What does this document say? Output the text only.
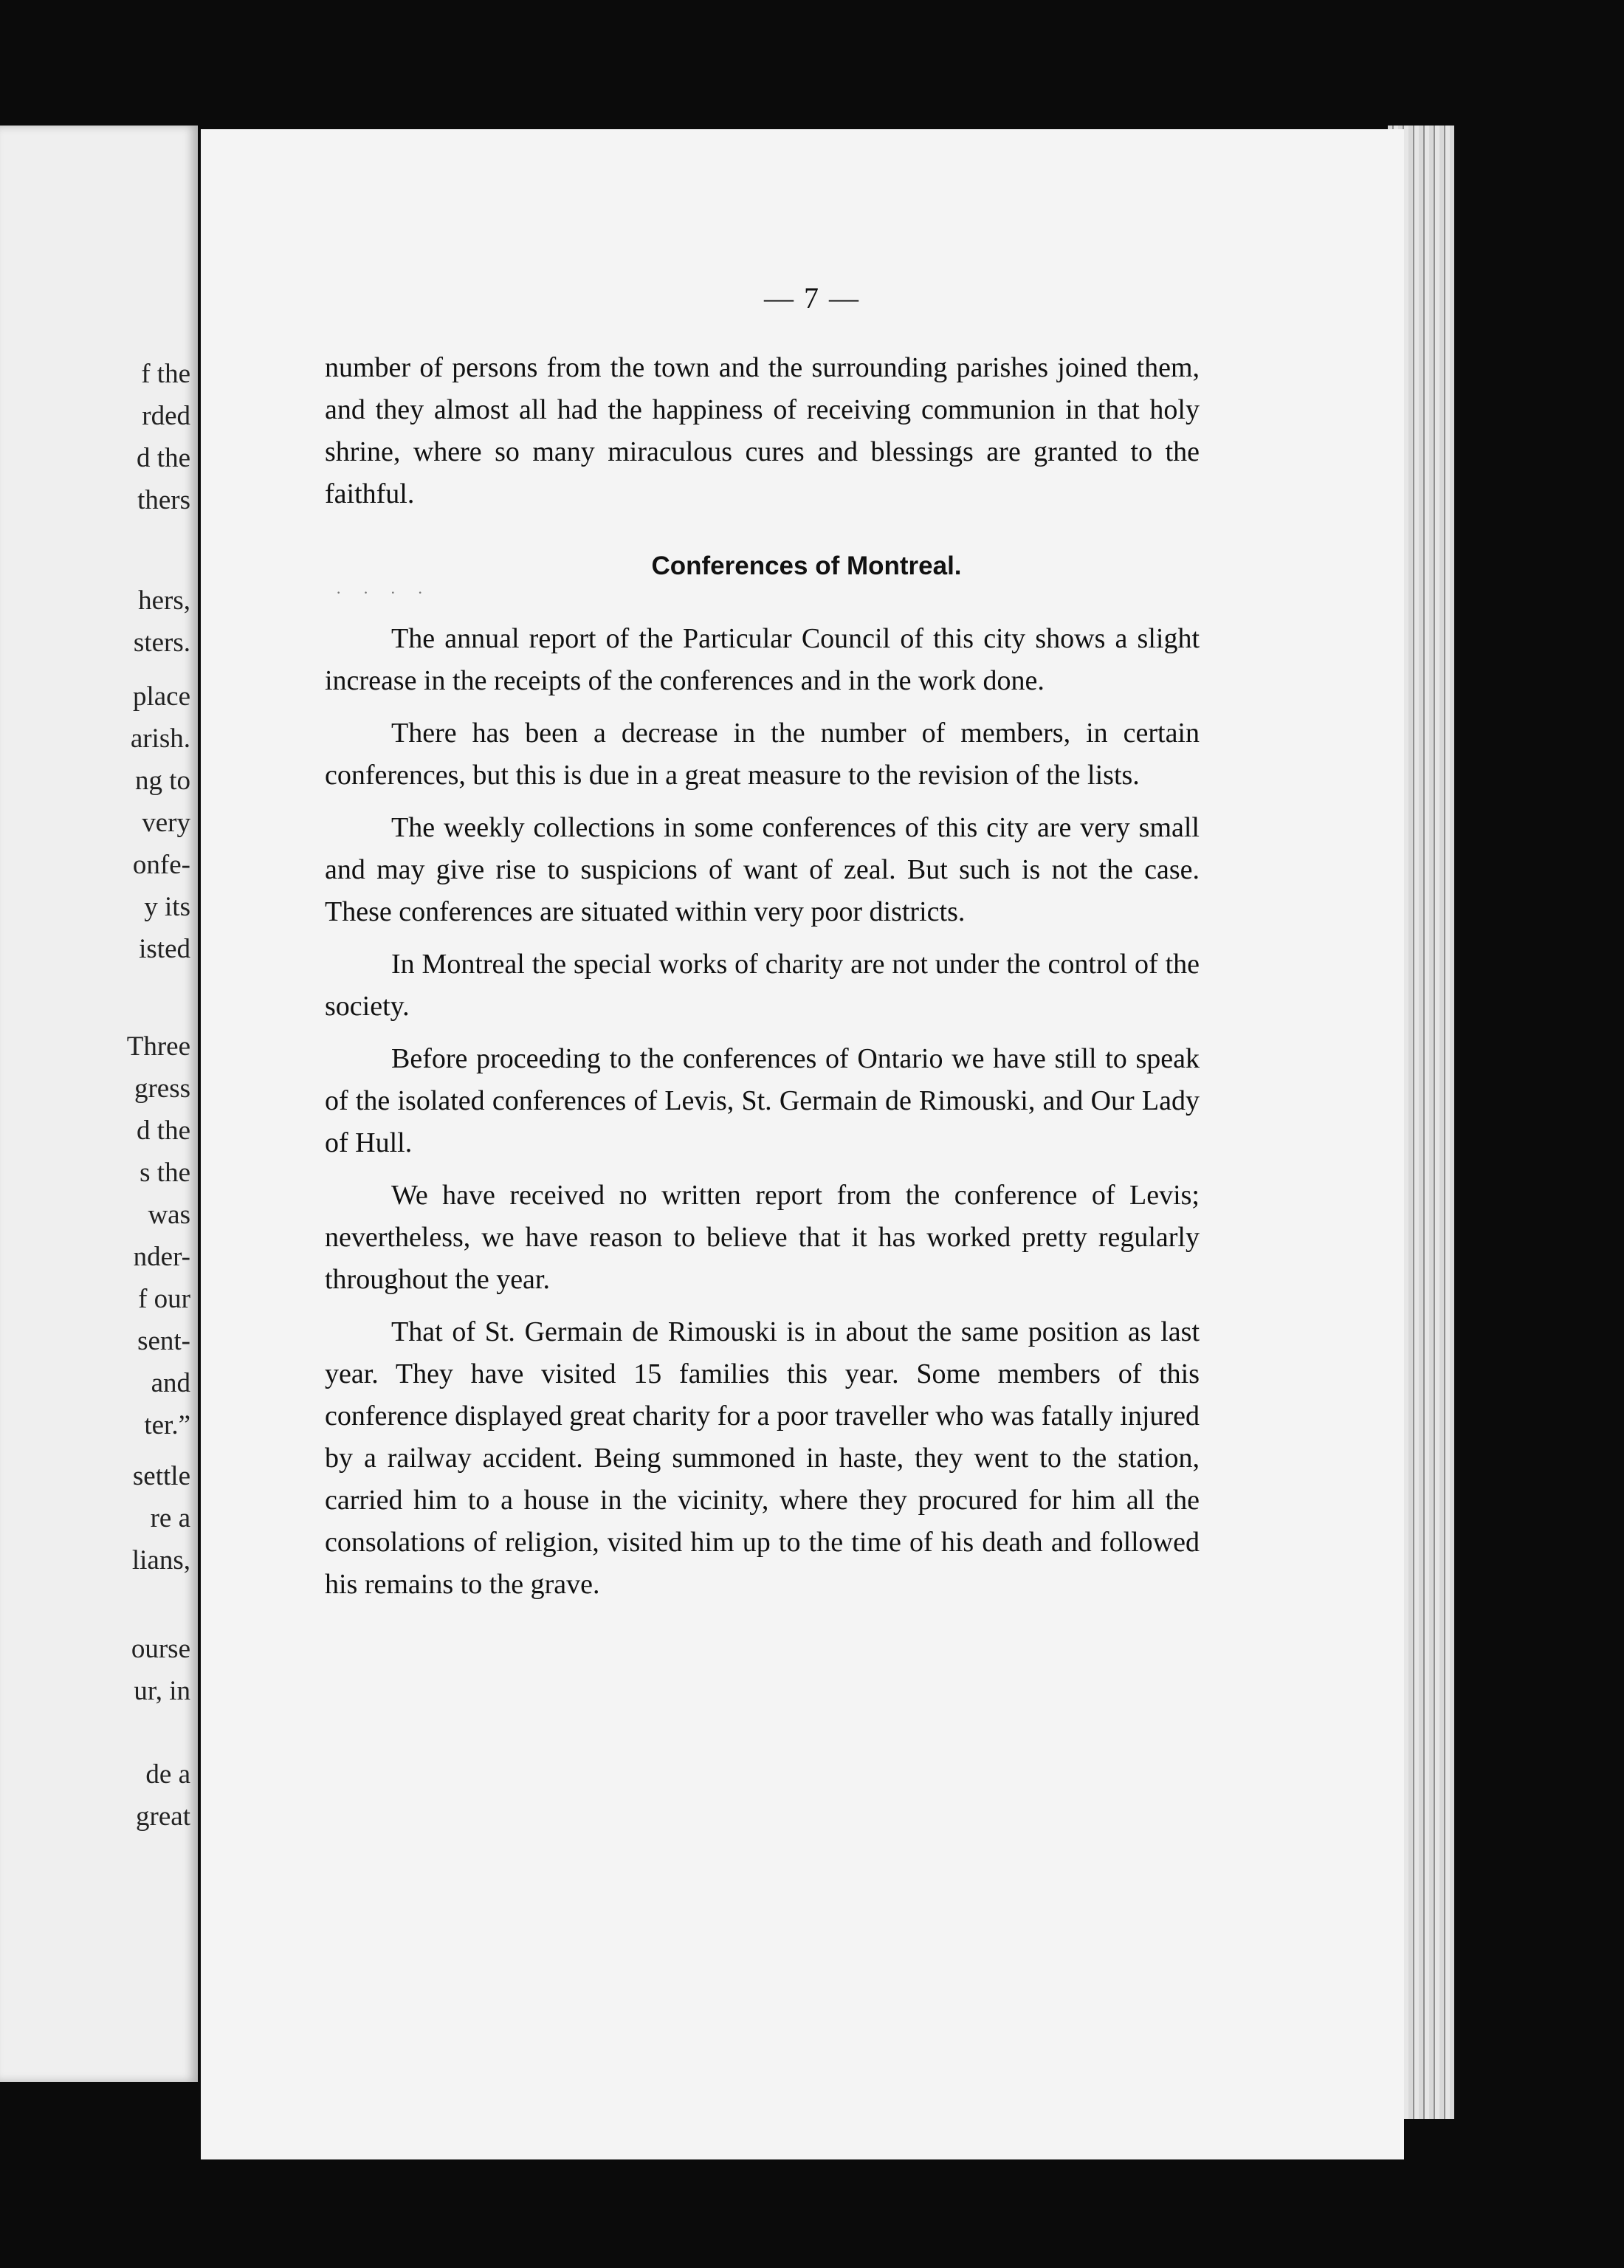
f the
rded
d the
thers
hers,
sters.
place
arish.
ng to
very
onfe-
y its
isted
Three
gress
d the
s the
was
nder-
f our
sent-
and
ter.”
settle
re a
lians,
ourse
ur, in
de a
great
— 7 —
· · · ·

number of persons from the town and the surrounding parishes joined them, and they almost all had the happiness of receiving communion in that holy shrine, where so many miraculous cures and blessings are granted to the faithful.

Conferences of Montreal.

The annual report of the Particular Council of this city shows a slight increase in the receipts of the conferences and in the work done.

There has been a decrease in the number of members, in certain conferences, but this is due in a great measure to the revision of the lists.

The weekly collections in some conferences of this city are very small and may give rise to suspicions of want of zeal. But such is not the case. These conferences are situated within very poor districts.

In Montreal the special works of charity are not under the control of the society.

Before proceeding to the conferences of Ontario we have still to speak of the isolated conferences of Levis, St. Germain de Rimouski, and Our Lady of Hull.

We have received no written report from the conference of Levis; nevertheless, we have reason to believe that it has worked pretty regularly throughout the year.

That of St. Germain de Rimouski is in about the same position as last year. They have visited 15 families this year. Some members of this conference displayed great charity for a poor traveller who was fatally injured by a railway accident. Being summoned in haste, they went to the station, carried him to a house in the vicinity, where they procured for him all the consolations of religion, visited him up to the time of his death and followed his remains to the grave.
